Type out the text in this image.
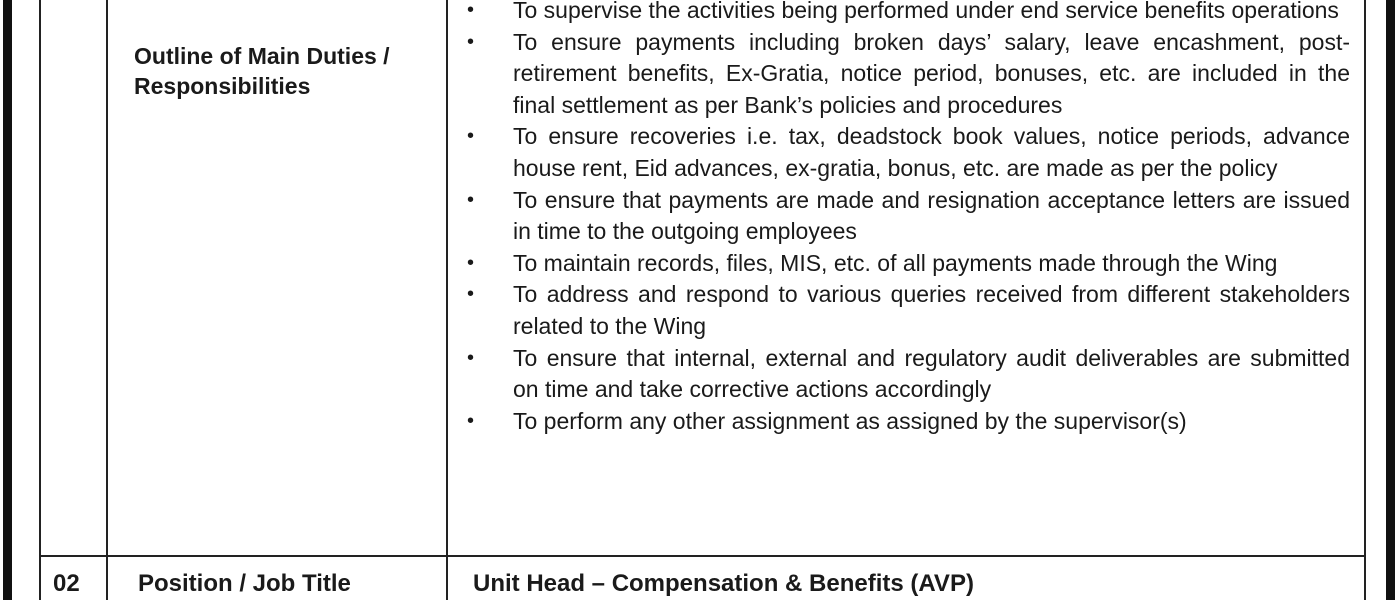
Outline of Main Duties / Responsibilities
• To supervise the activities being performed under end service benefits operations
• To ensure payments including broken days’ salary, leave encashment, post-retirement benefits, Ex-Gratia, notice period, bonuses, etc. are included in the final settlement as per Bank’s policies and procedures
• To ensure recoveries i.e. tax, deadstock book values, notice periods, advance house rent, Eid advances, ex-gratia, bonus, etc. are made as per the policy
• To ensure that payments are made and resignation acceptance letters are issued in time to the outgoing employees
• To maintain records, files, MIS, etc. of all payments made through the Wing
• To address and respond to various queries received from different stakeholders related to the Wing
• To ensure that internal, external and regulatory audit deliverables are submitted on time and take corrective actions accordingly
• To perform any other assignment as assigned by the supervisor(s)
02 Position / Job Title	Unit Head – Compensation & Benefits (AVP)
